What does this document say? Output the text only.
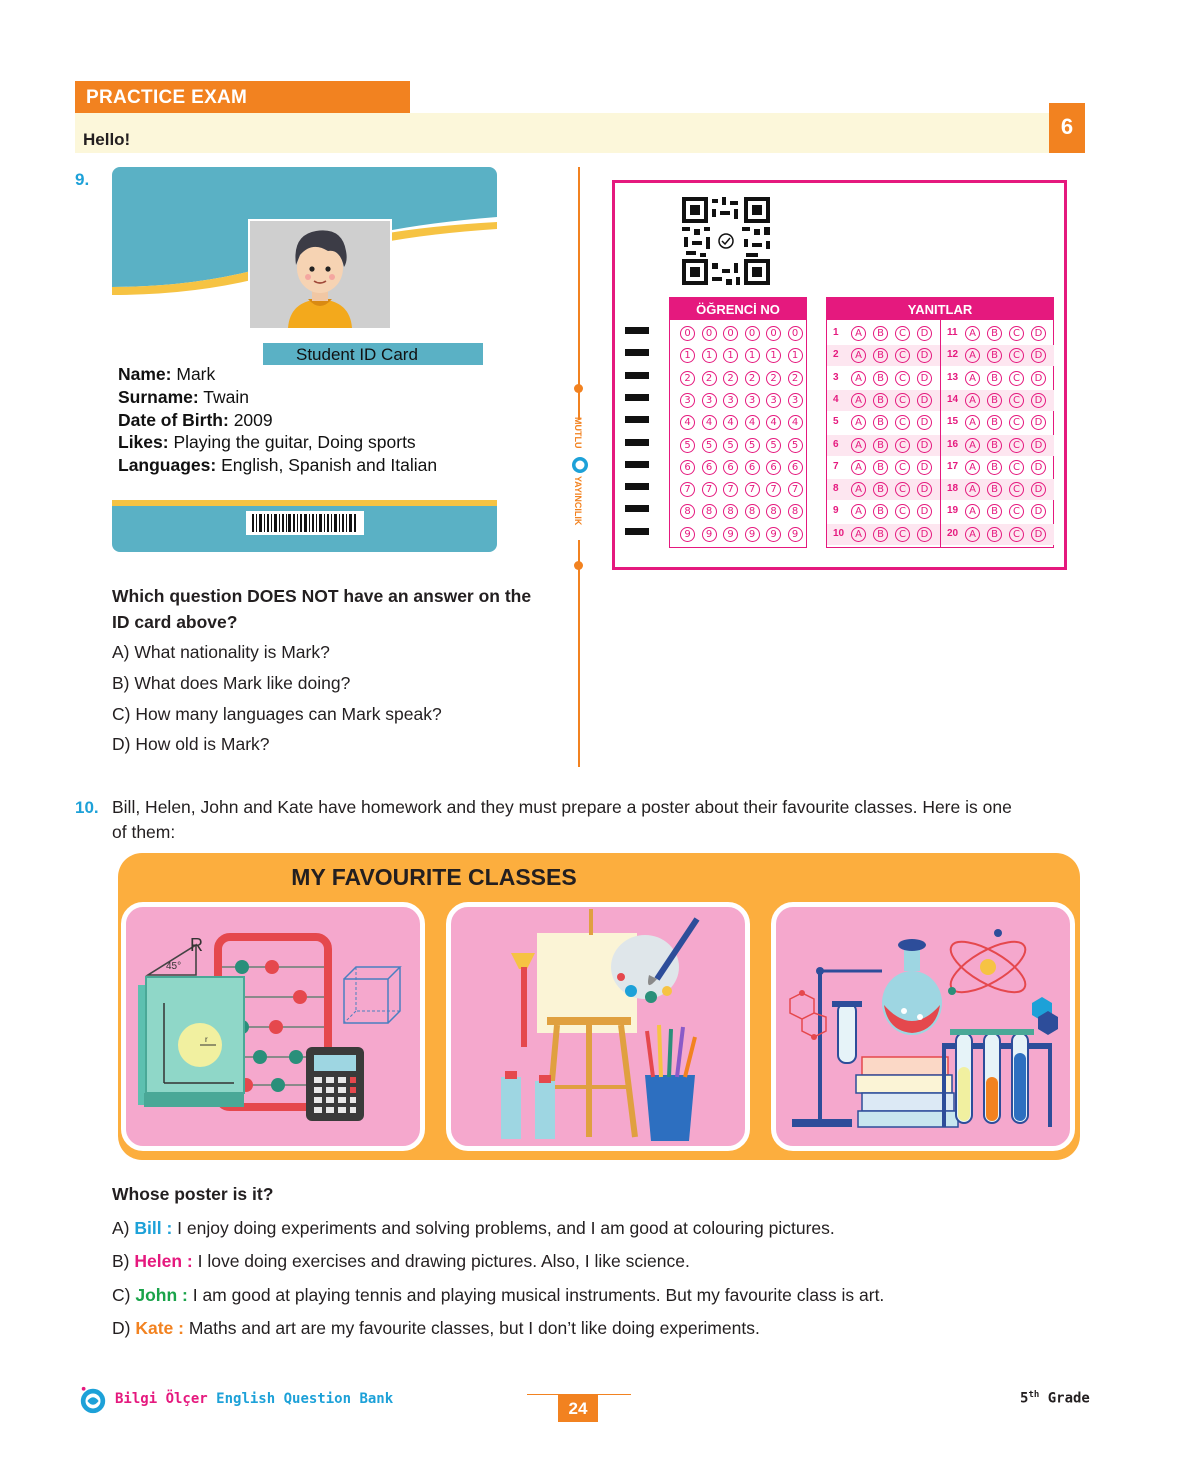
PRACTICE EXAM
Hello!
6
9.
Student ID Card
Name: Mark
Surname: Twain
Date of Birth: 2009
Likes: Playing the guitar, Doing sports
Languages: English, Spanish and Italian
Which question DOES NOT have an answer on the
ID card above?
A) What nationality is Mark?
B) What does Mark like doing?
C) How many languages can Mark speak?
D) How old is Mark?
MUTLU
YAYINCILIK
ÖĞRENCİ NO
0	0	0	0	0	0
1	1	1	1	1	1
2	2	2	2	2	2
3	3	3	3	3	3
4	4	4	4	4	4
5	5	5	5	5	5
6	6	6	6	6	6
7	7	7	7	7	7
8	8	8	8	8	8
9	9	9	9	9	9
YANITLAR
1	A	B	C	D
2	A	B	C	D
3	A	B	C	D
4	A	B	C	D
5	A	B	C	D
6	A	B	C	D
7	A	B	C	D
8	A	B	C	D
9	A	B	C	D
10	A	B	C	D
11	A	B	C	D
12	A	B	C	D
13	A	B	C	D
14	A	B	C	D
15	A	B	C	D
16	A	B	C	D
17	A	B	C	D
18	A	B	C	D
19	A	B	C	D
20	A	B	C	D
10. Bill, Helen, John and Kate have homework and they must prepare a poster about their favourite classes. Here is one
of them:
MY FAVOURITE CLASSES
45°
R
r
Whose poster is it?
A) Bill : I enjoy doing experiments and solving problems, and I am good at colouring pictures.
B) Helen : I love doing exercises and drawing pictures. Also, I like science.
C) John : I am good at playing tennis and playing musical instruments. But my favourite class is art.
D) Kate : Maths and art are my favourite classes, but I don’t like doing experiments.
Bilgi Ölçer English Question Bank	24
5th Grade
